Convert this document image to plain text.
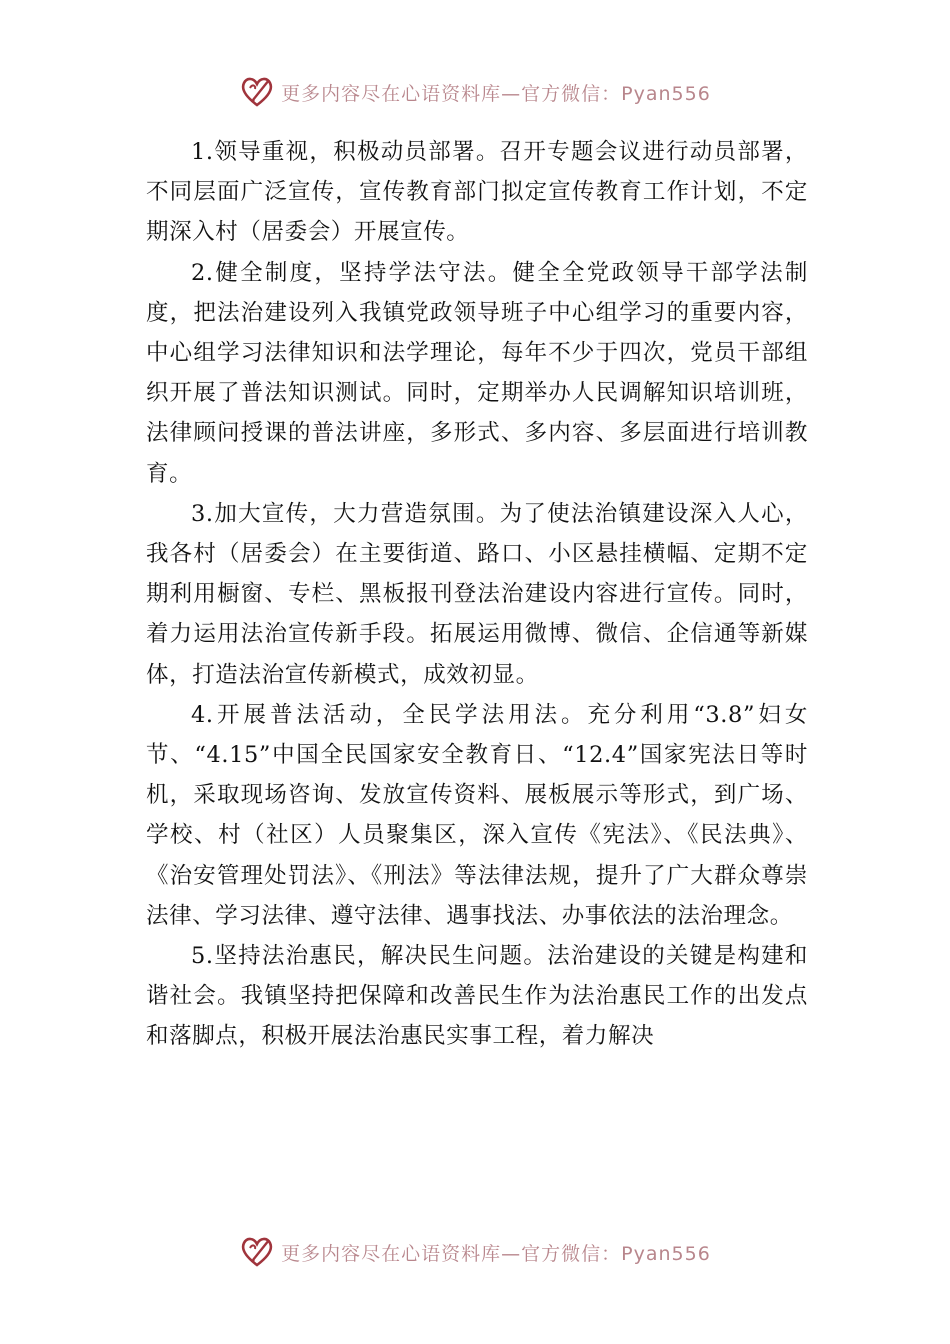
更多内容尽在心语资料库—官方微信：Pyan556

1.领导重视，积极动员部署。召开专题会议进行动员部署，不同层面广泛宣传，宣传教育部门拟定宣传教育工作计划，不定期深入村（居委会）开展宣传。

2.健全制度，坚持学法守法。健全全党政领导干部学法制度，把法治建设列入我镇党政领导班子中心组学习的重要内容，中心组学习法律知识和法学理论，每年不少于四次，党员干部组织开展了普法知识测试。同时，定期举办人民调解知识培训班，法律顾问授课的普法讲座，多形式、多内容、多层面进行培训教育。

3.加大宣传，大力营造氛围。为了使法治镇建设深入人心，我各村（居委会）在主要街道、路口、小区悬挂横幅、定期不定期利用橱窗、专栏、黑板报刊登法治建设内容进行宣传。同时，着力运用法治宣传新手段。拓展运用微博、微信、企信通等新媒体，打造法治宣传新模式，成效初显。

4.开展普法活动，全民学法用法。充分利用“3.8”妇女节、“4.15”中国全民国家安全教育日、“12.4”国家宪法日等时机，采取现场咨询、发放宣传资料、展板展示等形式，到广场、学校、村（社区）人员聚集区，深入宣传《宪法》、《民法典》、《治安管理处罚法》、《刑法》等法律法规，提升了广大群众尊崇法律、学习法律、遵守法律、遇事找法、办事依法的法治理念。

5.坚持法治惠民，解决民生问题。法治建设的关键是构建和谐社会。我镇坚持把保障和改善民生作为法治惠民工作的出发点和落脚点，积极开展法治惠民实事工程，着力解决

更多内容尽在心语资料库—官方微信：Pyan556
